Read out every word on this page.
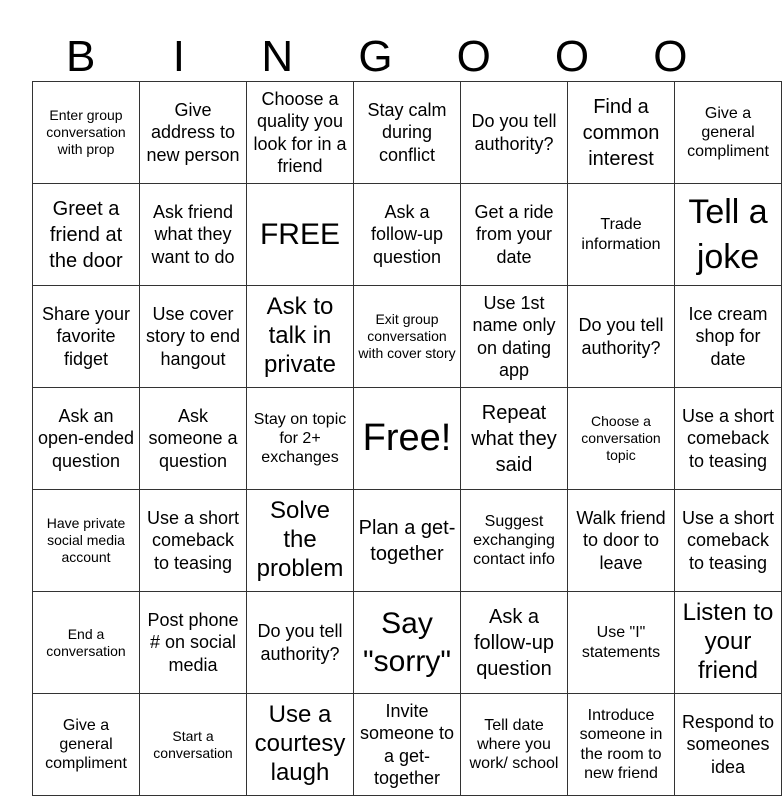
B	I	N	G	O	O	O
Enter group conversation with prop	Give address to new person	Choose a quality you look for in a friend	Stay calm during conflict	Do you tell authority?	Find a common interest	Give a general compliment

Greet a friend at the door	Ask friend what they want to do	FREE	Ask a follow-up question	Get a ride from your date	Trade information	Tell a joke

Share your favorite fidget	Use cover story to end hangout	Ask to talk in private	Exit group conversation with cover story	Use 1st name only on dating app	Do you tell authority?	Ice cream shop for date

Ask an open-ended question	Ask someone a question	Stay on topic for 2+ exchanges	Free!	Repeat what they said	Choose a conversation topic	Use a short comeback to teasing

Have private social media account	Use a short comeback to teasing	Solve the problem	Plan a get-together	Suggest exchanging contact info	Walk friend to door to leave	Use a short comeback to teasing

End a conversation	Post phone # on social media	Do you tell authority?	Say "sorry"	Ask a follow-up question	Use "I" statements	Listen to your friend

Give a general compliment	Start a conversation	Use a courtesy laugh	Invite someone to a get-together	Tell date where you work/ school	Introduce someone in the room to new friend	Respond to someones idea
